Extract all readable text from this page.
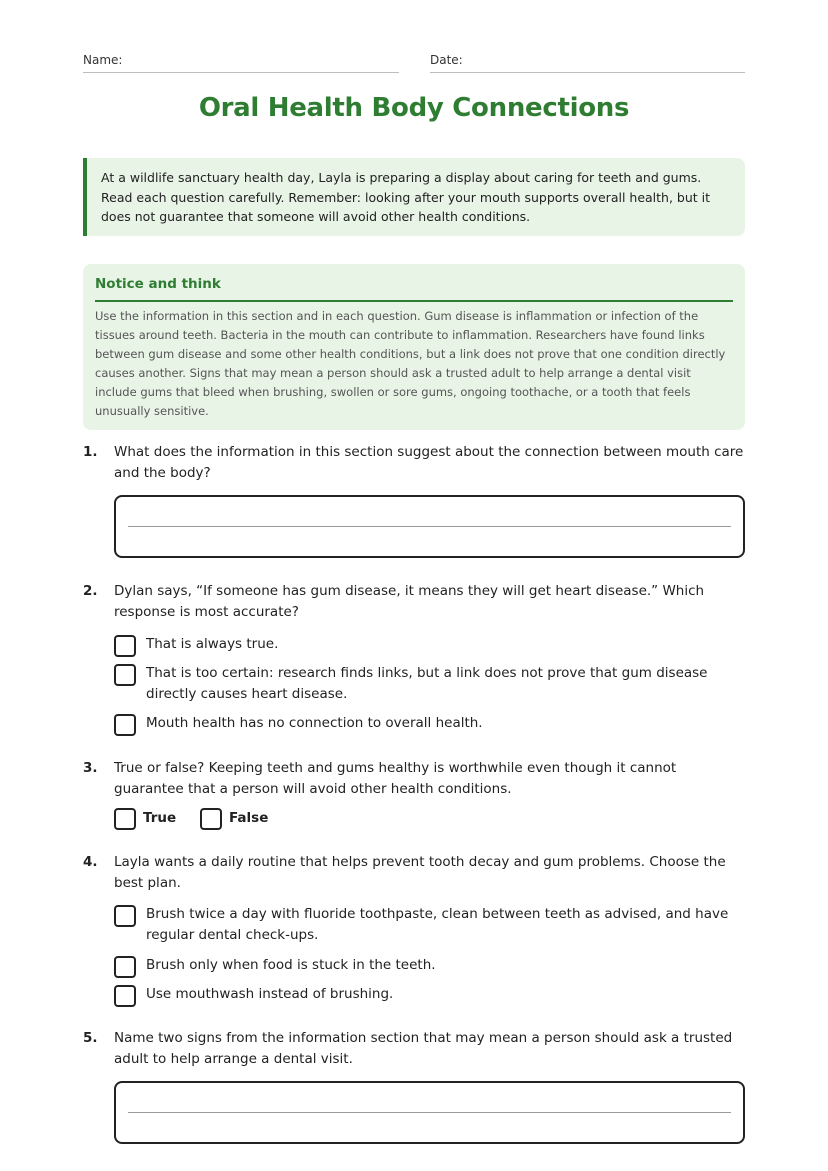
Name:	Date:
Oral Health Body Connections
At a wildlife sanctuary health day, Layla is preparing a display about caring for teeth and gums. Read each question carefully. Remember: looking after your mouth supports overall health, but it does not guarantee that someone will avoid other health conditions.
Notice and think
Use the information in this section and in each question. Gum disease is inflammation or infection of the tissues around teeth. Bacteria in the mouth can contribute to inflammation. Researchers have found links between gum disease and some other health conditions, but a link does not prove that one condition directly causes another. Signs that may mean a person should ask a trusted adult to help arrange a dental visit include gums that bleed when brushing, swollen or sore gums, ongoing toothache, or a tooth that feels unusually sensitive.
1. What does the information in this section suggest about the connection between mouth care and the body?
2. Dylan says, “If someone has gum disease, it means they will get heart disease.” Which response is most accurate?
That is always true.
That is too certain: research finds links, but a link does not prove that gum disease directly causes heart disease.
Mouth health has no connection to overall health.
3. True or false? Keeping teeth and gums healthy is worthwhile even though it cannot guarantee that a person will avoid other health conditions.
True	False
4. Layla wants a daily routine that helps prevent tooth decay and gum problems. Choose the best plan.
Brush twice a day with fluoride toothpaste, clean between teeth as advised, and have regular dental check-ups.
Brush only when food is stuck in the teeth.
Use mouthwash instead of brushing.
5. Name two signs from the information section that may mean a person should ask a trusted adult to help arrange a dental visit.
